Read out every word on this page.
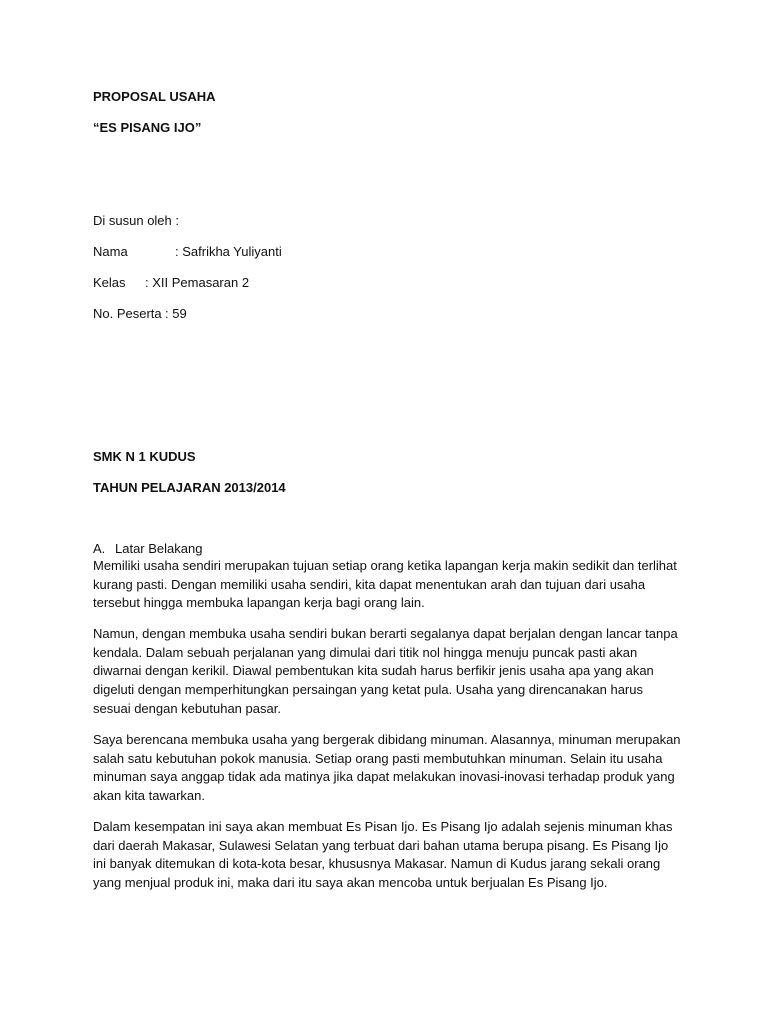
PROPOSAL USAHA
“ES PISANG IJO”
Di susun oleh :
Nama	: Safrikha Yuliyanti
Kelas : XII Pemasaran 2
No. Peserta : 59
SMK N 1 KUDUS
TAHUN PELAJARAN 2013/2014
A. Latar Belakang

Memiliki usaha sendiri merupakan tujuan setiap orang ketika lapangan kerja makin sedikit dan terlihat kurang pasti. Dengan memiliki usaha sendiri, kita dapat menentukan arah dan tujuan dari usaha tersebut hingga membuka lapangan kerja bagi orang lain.

Namun, dengan membuka usaha sendiri bukan berarti segalanya dapat berjalan dengan lancar tanpa kendala. Dalam sebuah perjalanan yang dimulai dari titik nol hingga menuju puncak pasti akan diwarnai dengan kerikil. Diawal pembentukan kita sudah harus berfikir jenis usaha apa yang akan digeluti dengan memperhitungkan persaingan yang ketat pula. Usaha yang direncanakan harus sesuai dengan kebutuhan pasar.

Saya berencana membuka usaha yang bergerak dibidang minuman. Alasannya, minuman merupakan salah satu kebutuhan pokok manusia. Setiap orang pasti membutuhkan minuman. Selain itu usaha minuman saya anggap tidak ada matinya jika dapat melakukan inovasi-inovasi terhadap produk yang akan kita tawarkan.

Dalam kesempatan ini saya akan membuat Es Pisan Ijo. Es Pisang Ijo adalah sejenis minuman khas dari daerah Makasar, Sulawesi Selatan yang terbuat dari bahan utama berupa pisang. Es Pisang Ijo ini banyak ditemukan di kota-kota besar, khususnya Makasar. Namun di Kudus jarang sekali orang yang menjual produk ini, maka dari itu saya akan mencoba untuk berjualan Es Pisang Ijo.
